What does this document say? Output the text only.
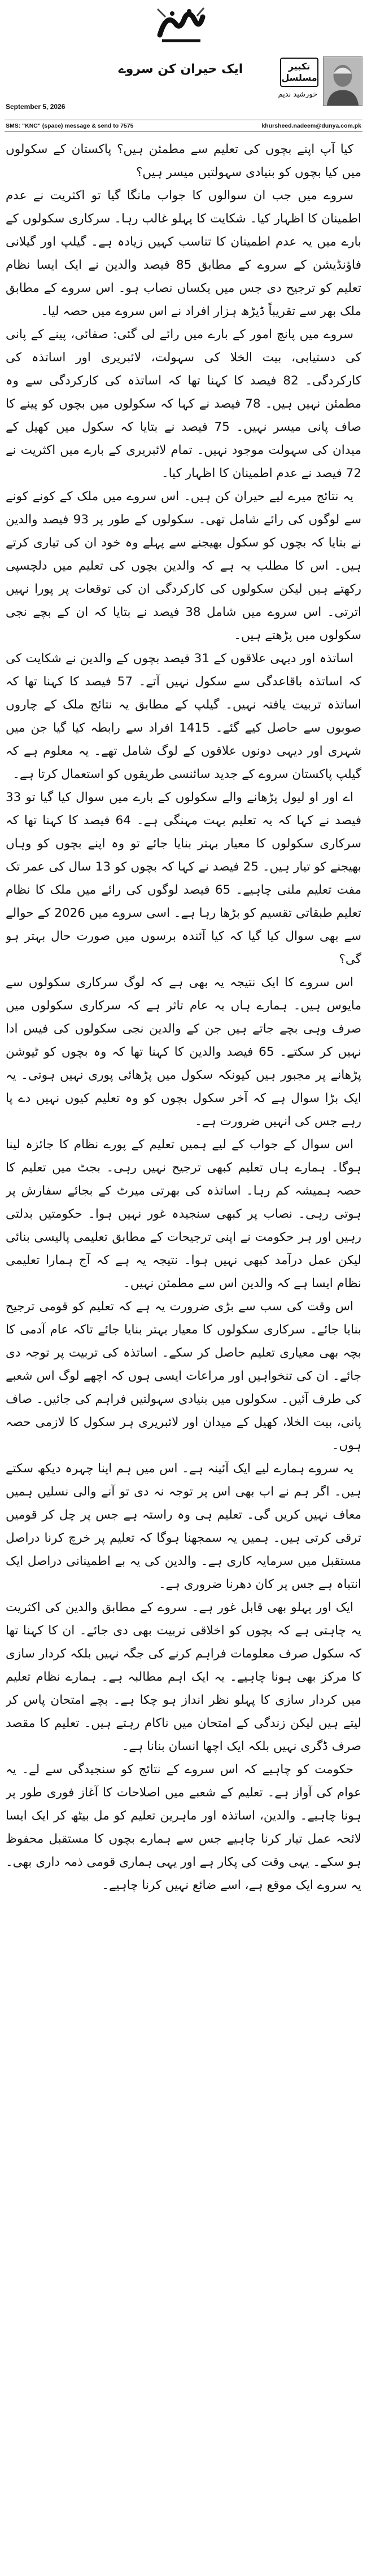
تکبیر
مسلسل
خورشید ندیم
ایک حیران کن سروے
September 5, 2026
SMS: "KNC" (space) message & send to 7575	khursheed.nadeem@dunya.com.pk

کیا آپ اپنے بچوں کی تعلیم سے مطمئن ہیں؟ پاکستان کے سکولوں میں کیا بچوں کو بنیادی سہولتیں میسر ہیں؟

سروے میں جب ان سوالوں کا جواب مانگا گیا تو اکثریت نے عدم اطمینان کا اظہار کیا۔ شکایت کا پہلو غالب رہا۔ سرکاری سکولوں کے بارے میں یہ عدم اطمینان کا تناسب کہیں زیادہ ہے۔ گیلپ اور گیلانی فاؤنڈیشن کے سروے کے مطابق 85 فیصد والدین نے ایک ایسا نظام تعلیم کو ترجیح دی جس میں یکساں نصاب ہو۔ اس سروے کے مطابق ملک بھر سے تقریباً ڈیڑھ ہزار افراد نے اس سروے میں حصہ لیا۔

سروے میں پانچ امور کے بارے میں رائے لی گئی: صفائی، پینے کے پانی کی دستیابی، بیت الخلا کی سہولت، لائبریری اور اساتذہ کی کارکردگی۔ 82 فیصد کا کہنا تھا کہ اساتذہ کی کارکردگی سے وہ مطمئن نہیں ہیں۔ 78 فیصد نے کہا کہ سکولوں میں بچوں کو پینے کا صاف پانی میسر نہیں۔ 75 فیصد نے بتایا کہ سکول میں کھیل کے میدان کی سہولت موجود نہیں۔ تمام لائبریری کے بارے میں اکثریت نے 72 فیصد نے عدم اطمینان کا اظہار کیا۔

یہ نتائج میرے لیے حیران کن ہیں۔ اس سروے میں ملک کے کونے کونے سے لوگوں کی رائے شامل تھی۔ سکولوں کے طور پر 93 فیصد والدین نے بتایا کہ بچوں کو سکول بھیجنے سے پہلے وہ خود ان کی تیاری کرتے ہیں۔ اس کا مطلب یہ ہے کہ والدین بچوں کی تعلیم میں دلچسپی رکھتے ہیں لیکن سکولوں کی کارکردگی ان کی توقعات پر پورا نہیں اترتی۔ اس سروے میں شامل 38 فیصد نے بتایا کہ ان کے بچے نجی سکولوں میں پڑھتے ہیں۔

اساتذہ اور دیہی علاقوں کے 31 فیصد بچوں کے والدین نے شکایت کی کہ اساتذہ باقاعدگی سے سکول نہیں آتے۔ 57 فیصد کا کہنا تھا کہ اساتذہ تربیت یافتہ نہیں۔ گیلپ کے مطابق یہ نتائج ملک کے چاروں صوبوں سے حاصل کیے گئے۔ 1415 افراد سے رابطہ کیا گیا جن میں شہری اور دیہی دونوں علاقوں کے لوگ شامل تھے۔ یہ معلوم ہے کہ گیلپ پاکستان سروے کے جدید سائنسی طریقوں کو استعمال کرتا ہے۔

اے اور او لیول پڑھانے والے سکولوں کے بارے میں سوال کیا گیا تو 33 فیصد نے کہا کہ یہ تعلیم بہت مہنگی ہے۔ 64 فیصد کا کہنا تھا کہ سرکاری سکولوں کا معیار بہتر بنایا جائے تو وہ اپنے بچوں کو وہاں بھیجنے کو تیار ہیں۔ 25 فیصد نے کہا کہ بچوں کو 13 سال کی عمر تک مفت تعلیم ملنی چاہیے۔ 65 فیصد لوگوں کی رائے میں ملک کا نظام تعلیم طبقاتی تقسیم کو بڑھا رہا ہے۔ اسی سروے میں 2026 کے حوالے سے بھی سوال کیا گیا کہ کیا آئندہ برسوں میں صورت حال بہتر ہو گی؟

اس سروے کا ایک نتیجہ یہ بھی ہے کہ لوگ سرکاری سکولوں سے مایوس ہیں۔ ہمارے ہاں یہ عام تاثر ہے کہ سرکاری سکولوں میں صرف وہی بچے جاتے ہیں جن کے والدین نجی سکولوں کی فیس ادا نہیں کر سکتے۔ 65 فیصد والدین کا کہنا تھا کہ وہ بچوں کو ٹیوشن پڑھانے پر مجبور ہیں کیونکہ سکول میں پڑھائی پوری نہیں ہوتی۔ یہ ایک بڑا سوال ہے کہ آخر سکول بچوں کو وہ تعلیم کیوں نہیں دے پا رہے جس کی انہیں ضرورت ہے۔

اس سوال کے جواب کے لیے ہمیں تعلیم کے پورے نظام کا جائزہ لینا ہوگا۔ ہمارے ہاں تعلیم کبھی ترجیح نہیں رہی۔ بجٹ میں تعلیم کا حصہ ہمیشہ کم رہا۔ اساتذہ کی بھرتی میرٹ کے بجائے سفارش پر ہوتی رہی۔ نصاب پر کبھی سنجیدہ غور نہیں ہوا۔ حکومتیں بدلتی رہیں اور ہر حکومت نے اپنی ترجیحات کے مطابق تعلیمی پالیسی بنائی لیکن عمل درآمد کبھی نہیں ہوا۔ نتیجہ یہ ہے کہ آج ہمارا تعلیمی نظام ایسا ہے کہ والدین اس سے مطمئن نہیں۔

اس وقت کی سب سے بڑی ضرورت یہ ہے کہ تعلیم کو قومی ترجیح بنایا جائے۔ سرکاری سکولوں کا معیار بہتر بنایا جائے تاکہ عام آدمی کا بچہ بھی معیاری تعلیم حاصل کر سکے۔ اساتذہ کی تربیت پر توجہ دی جائے۔ ان کی تنخواہیں اور مراعات ایسی ہوں کہ اچھے لوگ اس شعبے کی طرف آئیں۔ سکولوں میں بنیادی سہولتیں فراہم کی جائیں۔ صاف پانی، بیت الخلا، کھیل کے میدان اور لائبریری ہر سکول کا لازمی حصہ ہوں۔

یہ سروے ہمارے لیے ایک آئینہ ہے۔ اس میں ہم اپنا چہرہ دیکھ سکتے ہیں۔ اگر ہم نے اب بھی اس پر توجہ نہ دی تو آنے والی نسلیں ہمیں معاف نہیں کریں گی۔ تعلیم ہی وہ راستہ ہے جس پر چل کر قومیں ترقی کرتی ہیں۔ ہمیں یہ سمجھنا ہوگا کہ تعلیم پر خرچ کرنا دراصل مستقبل میں سرمایہ کاری ہے۔ والدین کی یہ بے اطمینانی دراصل ایک انتباہ ہے جس پر کان دھرنا ضروری ہے۔

ایک اور پہلو بھی قابل غور ہے۔ سروے کے مطابق والدین کی اکثریت یہ چاہتی ہے کہ بچوں کو اخلاقی تربیت بھی دی جائے۔ ان کا کہنا تھا کہ سکول صرف معلومات فراہم کرنے کی جگہ نہیں بلکہ کردار سازی کا مرکز بھی ہونا چاہیے۔ یہ ایک اہم مطالبہ ہے۔ ہمارے نظام تعلیم میں کردار سازی کا پہلو نظر انداز ہو چکا ہے۔ بچے امتحان پاس کر لیتے ہیں لیکن زندگی کے امتحان میں ناکام رہتے ہیں۔ تعلیم کا مقصد صرف ڈگری نہیں بلکہ ایک اچھا انسان بنانا ہے۔

حکومت کو چاہیے کہ اس سروے کے نتائج کو سنجیدگی سے لے۔ یہ عوام کی آواز ہے۔ تعلیم کے شعبے میں اصلاحات کا آغاز فوری طور پر ہونا چاہیے۔ والدین، اساتذہ اور ماہرین تعلیم کو مل بیٹھ کر ایک ایسا لائحہ عمل تیار کرنا چاہیے جس سے ہمارے بچوں کا مستقبل محفوظ ہو سکے۔ یہی وقت کی پکار ہے اور یہی ہماری قومی ذمہ داری بھی۔ یہ سروے ایک موقع ہے، اسے ضائع نہیں کرنا چاہیے۔
